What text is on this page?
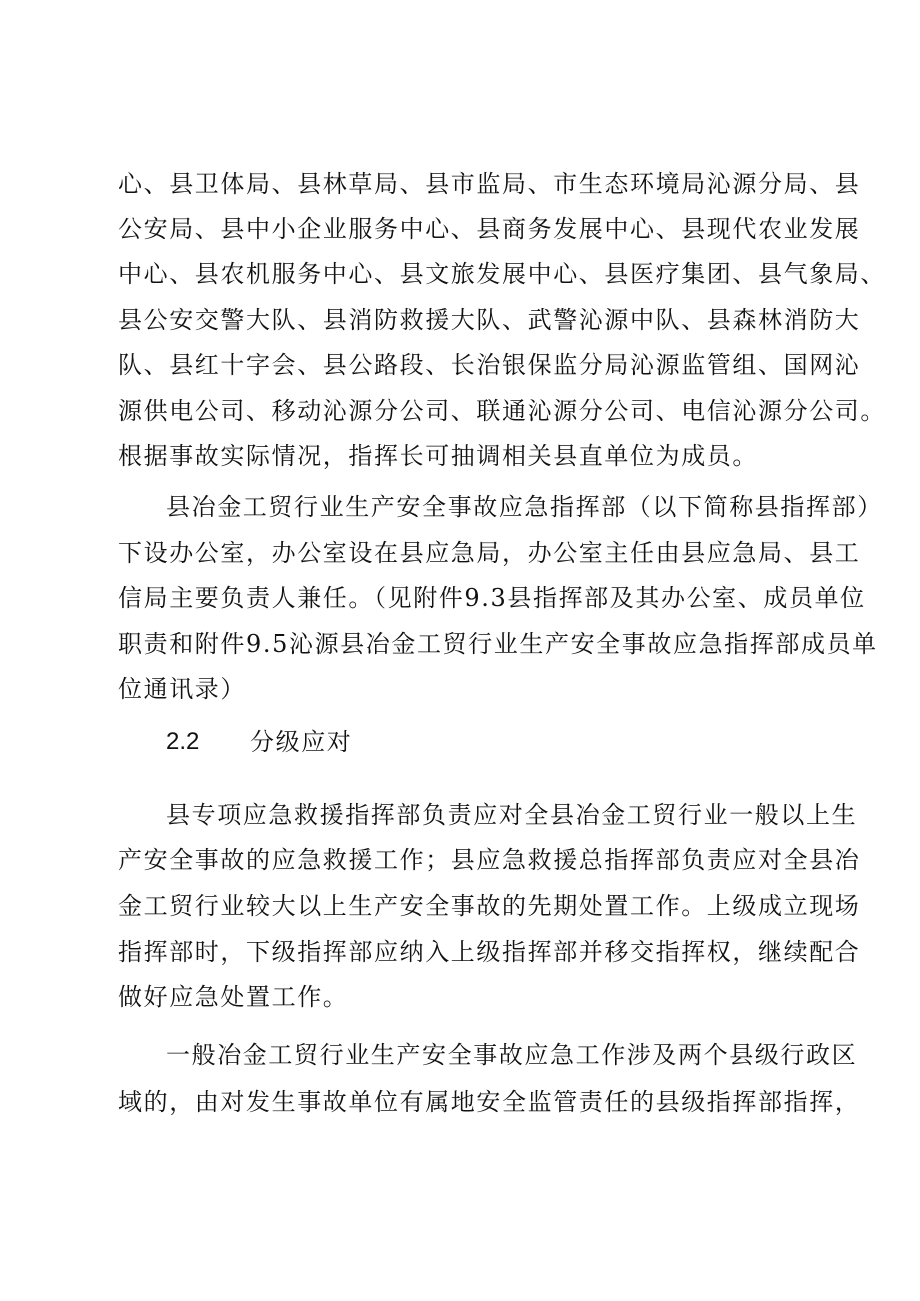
心、县卫体局、县林草局、县市监局、市生态环境局沁源分局、县
公安局、县中小企业服务中心、县商务发展中心、县现代农业发展
中心、县农机服务中心、县文旅发展中心、县医疗集团、县气象局、
县公安交警大队、县消防救援大队、武警沁源中队、县森林消防大
队、县红十字会、县公路段、长治银保监分局沁源监管组、国网沁
源供电公司、移动沁源分公司、联通沁源分公司、电信沁源分公司。
根据事故实际情况，指挥长可抽调相关县直单位为成员。
县冶金工贸行业生产安全事故应急指挥部（以下简称县指挥部）
下设办公室，办公室设在县应急局，办公室主任由县应急局、县工
信局主要负责人兼任。（见附件9.3县指挥部及其办公室、成员单位
职责和附件9.5沁源县冶金工贸行业生产安全事故应急指挥部成员单
位通讯录）
2.2 分级应对
县专项应急救援指挥部负责应对全县冶金工贸行业一般以上生
产安全事故的应急救援工作；县应急救援总指挥部负责应对全县冶
金工贸行业较大以上生产安全事故的先期处置工作。上级成立现场
指挥部时，下级指挥部应纳入上级指挥部并移交指挥权，继续配合
做好应急处置工作。
一般冶金工贸行业生产安全事故应急工作涉及两个县级行政区
域的，由对发生事故单位有属地安全监管责任的县级指挥部指挥，
